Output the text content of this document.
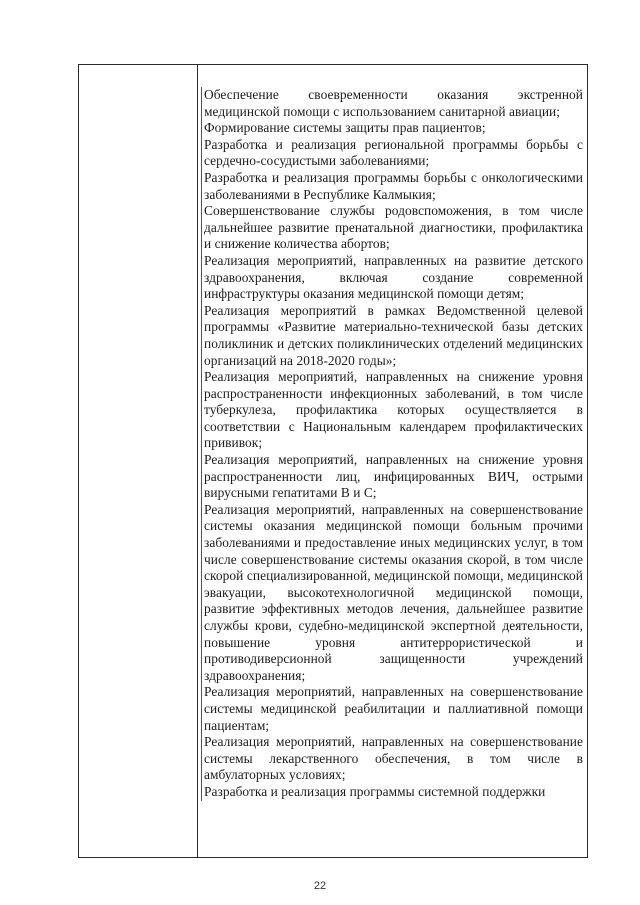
Обеспечение своевременности оказания экстренной медицинской помощи с использованием санитарной авиации;

Формирование системы защиты прав пациентов;

Разработка и реализация региональной программы борьбы с сердечно-сосудистыми заболеваниями;

Разработка и реализация программы борьбы с онкологическими заболеваниями в Республике Калмыкия;

Совершенствование службы родовспоможения, в том числе дальнейшее развитие пренатальной диагностики, профилактика и снижение количества абортов;

Реализация мероприятий, направленных на развитие детского здравоохранения, включая создание современной инфраструктуры оказания медицинской помощи детям;

Реализация мероприятий в рамках Ведомственной целевой программы «Развитие материально-технической базы детских поликлиник и детских поликлинических отделений медицинских организаций на 2018-2020 годы»;

Реализация мероприятий, направленных на снижение уровня распространенности инфекционных заболеваний, в том числе туберкулеза, профилактика которых осуществляется в соответствии с Национальным календарем профилактических прививок;

Реализация мероприятий, направленных на снижение уровня распространенности лиц, инфицированных ВИЧ, острыми вирусными гепатитами В и С;

Реализация мероприятий, направленных на совершенствование системы оказания медицинской помощи больным прочими заболеваниями и предоставление иных медицинских услуг, в том числе совершенствование системы оказания скорой, в том числе скорой специализированной, медицинской помощи, медицинской эвакуации, высокотехнологичной медицинской помощи, развитие эффективных методов лечения, дальнейшее развитие службы крови, судебно-медицинской экспертной деятельности, повышение уровня антитеррористической и противодиверсионной защищенности учреждений здравоохранения;

Реализация мероприятий, направленных на совершенствование системы медицинской реабилитации и паллиативной помощи пациентам;

Реализация мероприятий, направленных на совершенствование системы лекарственного обеспечения, в том числе в амбулаторных условиях;

Разработка и реализация программы системной поддержки

22
